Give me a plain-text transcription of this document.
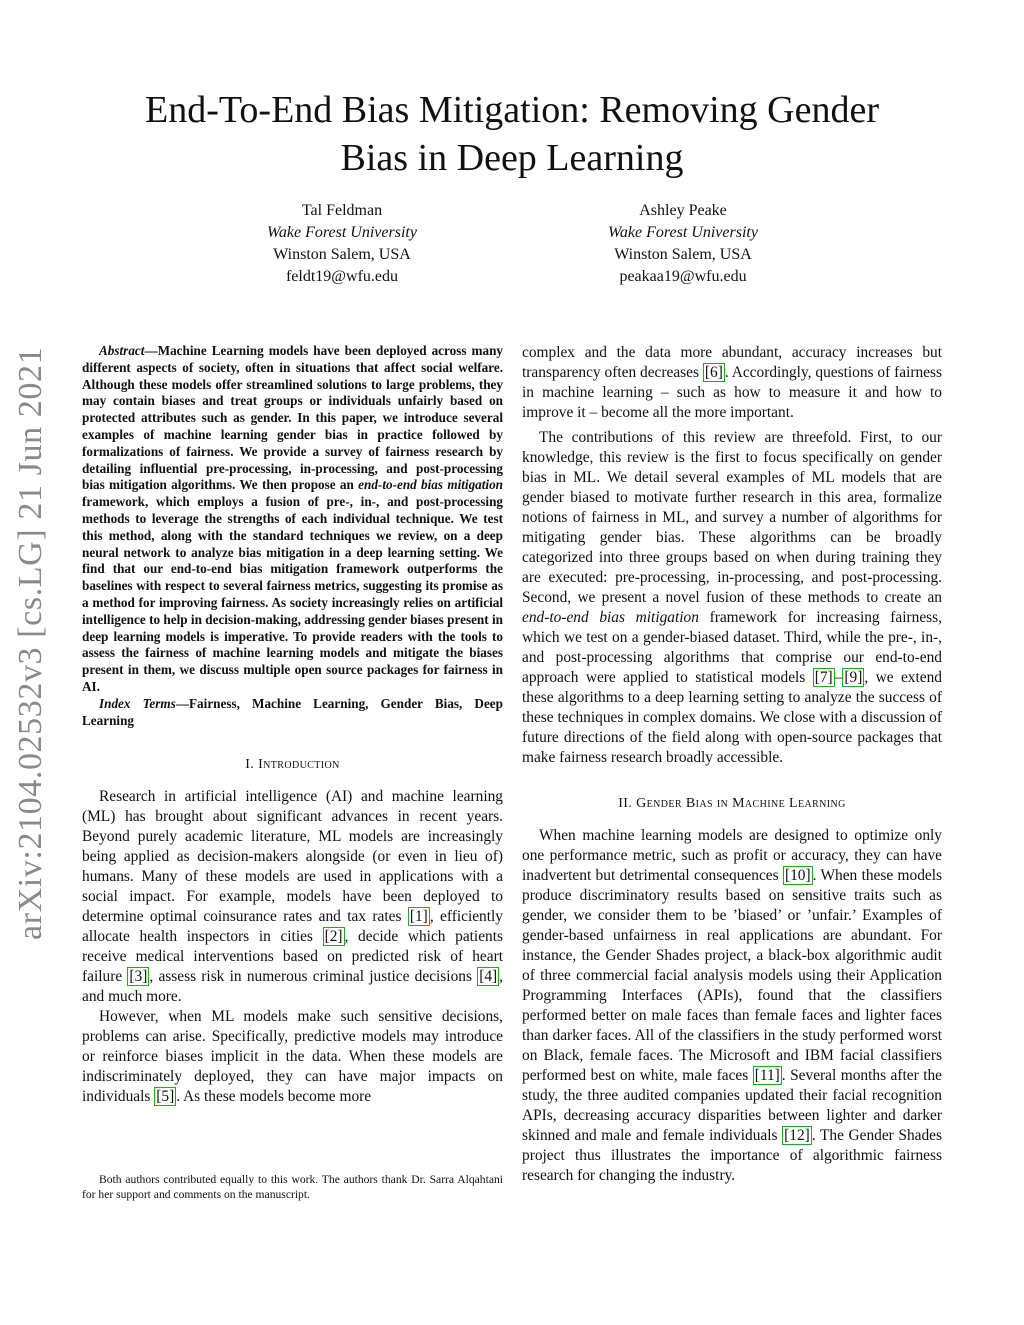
arXiv:2104.02532v3 [cs.LG] 21 Jun 2021
End-To-End Bias Mitigation: Removing Gender
Bias in Deep Learning
Tal Feldman
Wake Forest University
Winston Salem, USA
feldt19@wfu.edu
Ashley Peake
Wake Forest University
Winston Salem, USA
peakaa19@wfu.edu

Abstract—Machine Learning models have been deployed across many different aspects of society, often in situations that affect social welfare. Although these models offer streamlined solutions to large problems, they may contain biases and treat groups or individuals unfairly based on protected attributes such as gender. In this paper, we introduce several examples of machine learning gender bias in practice followed by formalizations of fairness. We provide a survey of fairness research by detailing influential pre-processing, in-processing, and post-processing bias mitigation algorithms. We then propose an end-to-end bias mitigation framework, which employs a fusion of pre-, in-, and post-processing methods to leverage the strengths of each individual technique. We test this method, along with the standard techniques we review, on a deep neural network to analyze bias mitigation in a deep learning setting. We find that our end-to-end bias mitigation framework outperforms the baselines with respect to several fairness metrics, suggesting its promise as a method for improving fairness. As society increasingly relies on artificial intelligence to help in decision-making, addressing gender biases present in deep learning models is imperative. To provide readers with the tools to assess the fairness of machine learning models and mitigate the biases present in them, we discuss multiple open source packages for fairness in AI.

Index Terms—Fairness, Machine Learning, Gender Bias, Deep Learning

I. Introduction

Research in artificial intelligence (AI) and machine learning (ML) has brought about significant advances in recent years. Beyond purely academic literature, ML models are increasingly being applied as decision-makers alongside (or even in lieu of) humans. Many of these models are used in applications with a social impact. For example, models have been deployed to determine optimal coinsurance rates and tax rates [1] , efficiently allocate health inspectors in cities [2] , decide which patients receive medical interventions based on predicted risk of heart failure [3] , assess risk in numerous criminal justice decisions [4] , and much more.

However, when ML models make such sensitive decisions, problems can arise. Specifically, predictive models may introduce or reinforce biases implicit in the data. When these models are indiscriminately deployed, they can have major impacts on individuals [5] . As these models become more

Both authors contributed equally to this work. The authors thank Dr. Sarra Alqahtani for her support and comments on the manuscript.

complex and the data more abundant, accuracy increases but transparency often decreases [6] . Accordingly, questions of fairness in machine learning – such as how to measure it and how to improve it – become all the more important.

The contributions of this review are threefold. First, to our knowledge, this review is the first to focus specifically on gender bias in ML. We detail several examples of ML models that are gender biased to motivate further research in this area, formalize notions of fairness in ML, and survey a number of algorithms for mitigating gender bias. These algorithms can be broadly categorized into three groups based on when during training they are executed: pre-processing, in-processing, and post-processing. Second, we present a novel fusion of these methods to create an end-to-end bias mitigation framework for increasing fairness, which we test on a gender-biased dataset. Third, while the pre-, in-, and post-processing algorithms that comprise our end-to-end approach were applied to statistical models [7] – [9] , we extend these algorithms to a deep learning setting to analyze the success of these techniques in complex domains. We close with a discussion of future directions of the field along with open-source packages that make fairness research broadly accessible.

II. Gender Bias in Machine Learning

When machine learning models are designed to optimize only one performance metric, such as profit or accuracy, they can have inadvertent but detrimental consequences [10] . When these models produce discriminatory results based on sensitive traits such as gender, we consider them to be ’biased’ or ’unfair.’ Examples of gender-based unfairness in real applications are abundant. For instance, the Gender Shades project, a black-box algorithmic audit of three commercial facial analysis models using their Application Programming Interfaces (APIs), found that the classifiers performed better on male faces than female faces and lighter faces than darker faces. All of the classifiers in the study performed worst on Black, female faces. The Microsoft and IBM facial classifiers performed best on white, male faces [11] . Several months after the study, the three audited companies updated their facial recognition APIs, decreasing accuracy disparities between lighter and darker skinned and male and female individuals [12] . The Gender Shades project thus illustrates the importance of algorithmic fairness research for changing the industry.
